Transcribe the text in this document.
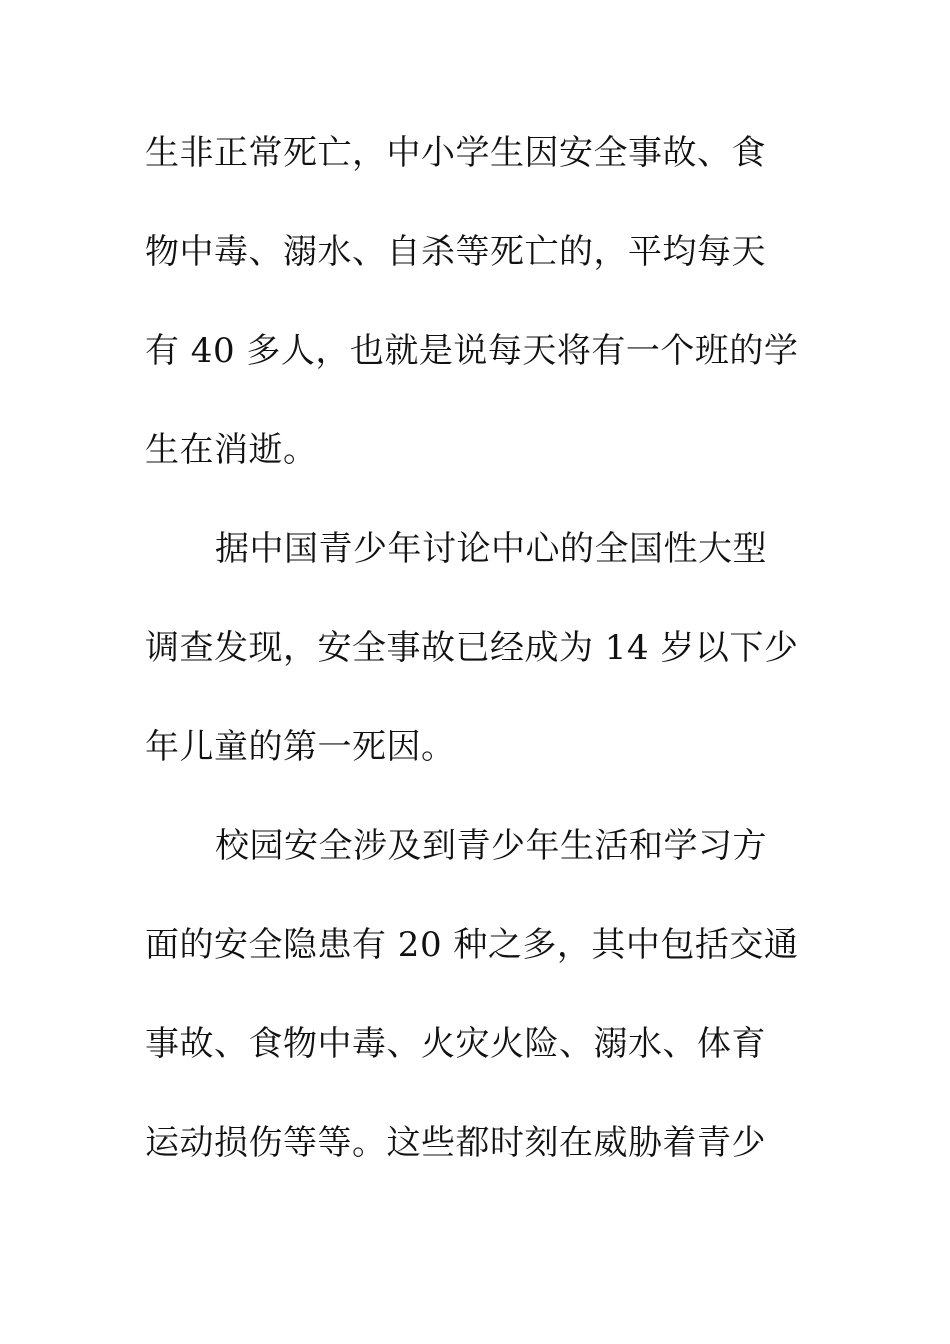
生非正常死亡，中小学生因安全事故、食
物中毒、溺水、自杀等死亡的，平均每天
有 40 多人，也就是说每天将有一个班的学
生在消逝。
据中国青少年讨论中心的全国性大型
调查发现，安全事故已经成为 14 岁以下少
年儿童的第一死因。
校园安全涉及到青少年生活和学习方
面的安全隐患有 20 种之多，其中包括交通
事故、食物中毒、火灾火险、溺水、体育
运动损伤等等。这些都时刻在威胁着青少
